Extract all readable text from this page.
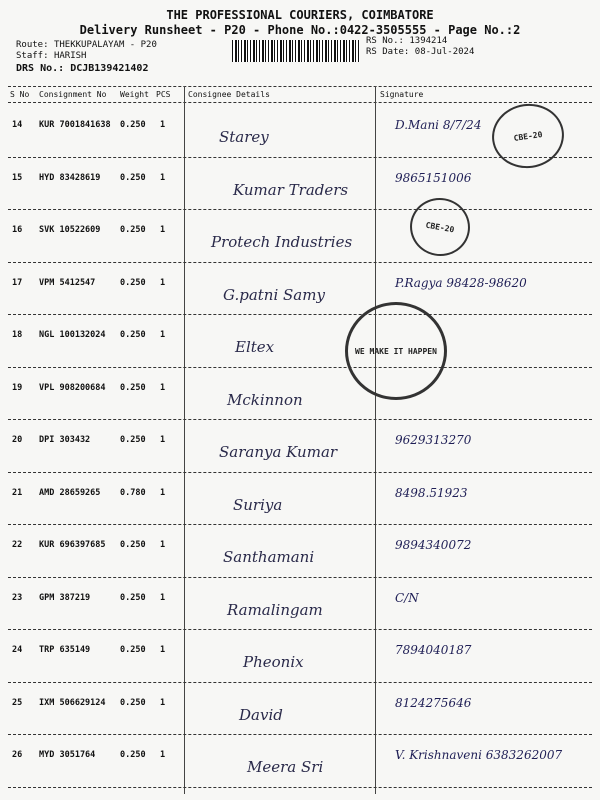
THE PROFESSIONAL COURIERS, COIMBATORE
Delivery Runsheet - P20 - Phone No.:0422-3505555 - Page No.:2
Route: THEKKUPALAYAM - P20
Staff: HARISH
DRS No.: DCJB139421402
RS No.: 1394214
RS Date: 08-Jul-2024
S No Consignment No Weight PCS Consignee Details	Signature
14 KUR 7001841638 0.250 1
Starey
D.Mani 8/7/24
15 HYD 83428619 0.250 1
Kumar Traders
9865151006
16 SVK 10522609 0.250 1
Protech Industries
17 VPM 5412547	0.250 1
G.patni Samy
P.Ragya 98428-98620
18 NGL 100132024 0.250 1
Eltex
19 VPL 908200684 0.250 1
Mckinnon
20 DPI 303432	0.250 1
Saranya Kumar
9629313270
21 AMD 28659265 0.780 1
Suriya
8498.51923
22 KUR 696397685 0.250 1
Santhamani
9894340072
23 GPM 387219	0.250 1
Ramalingam
C/N
24 TRP 635149	0.250 1
Pheonix
7894040187
25 IXM 506629124 0.250 1
David
8124275646
26 MYD 3051764	0.250 1
Meera Sri
V. Krishnaveni 6383262007
CBE-20
CBE-20
WE MAKE IT HAPPEN
